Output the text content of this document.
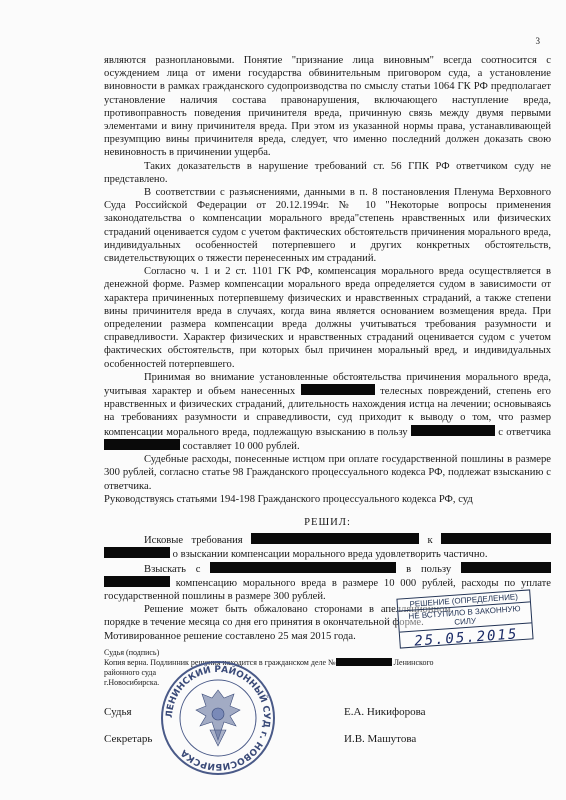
3

являются разноплановыми. Понятие "признание лица виновным" всегда соотносится с осуждением лица от имени государства обвинительным приговором суда, а установление виновности в рамках гражданского судопроизводства по смыслу статьи 1064 ГК РФ предполагает установление наличия состава правонарушения, включающего наступление вреда, противоправность поведения причинителя вреда, причинную связь между двумя первыми элементами и вину причинителя вреда. При этом из указанной нормы права, устанавливающей презумпцию вины причинителя вреда, следует, что именно последний должен доказать свою невиновность в причинении ущерба.

Таких доказательств в нарушение требований ст. 56 ГПК РФ ответчиком суду не представлено.

В соответствии с разъяснениями, данными в п. 8 постановления Пленума Верховного Суда Российской Федерации от 20.12.1994г. № 10 "Некоторые вопросы применения законодательства о компенсации морального вреда"степень нравственных или физических страданий оценивается судом с учетом фактических обстоятельств причинения морального вреда, индивидуальных особенностей потерпевшего и других конкретных обстоятельств, свидетельствующих о тяжести перенесенных им страданий.

Согласно ч. 1 и 2 ст. 1101 ГК РФ, компенсация морального вреда осуществляется в денежной форме. Размер компенсации морального вреда определяется судом в зависимости от характера причиненных потерпевшему физических и нравственных страданий, а также степени вины причинителя вреда в случаях, когда вина является основанием возмещения вреда. При определении размера компенсации вреда должны учитываться требования разумности и справедливости. Характер физических и нравственных страданий оценивается судом с учетом фактических обстоятельств, при которых был причинен моральный вред, и индивидуальных особенностей потерпевшего.

Принимая во внимание установленные обстоятельства причинения морального вреда, учитывая характер и объем нанесенных	телесных повреждений, степень его нравственных и физических страданий, длительность нахождения истца на лечении; основываясь на требованиях разумности и справедливости, суд приходит к выводу о том, что размер компенсации морального вреда, подлежащую взысканию в пользу	с ответчика  составляет 10 000 рублей.

Судебные расходы, понесенные истцом при оплате государственной пошлины в размере 300 рублей, согласно статье 98 Гражданского процессуального кодекса РФ, подлежат взысканию с ответчика.

Руководствуясь статьями 194-198 Гражданского процессуального кодекса РФ, суд

РЕШИЛ:

Исковые требования	к   о взыскании компенсации морального вреда удовлетворить частично.

Взыскать с	в пользу   компенсацию морального вреда в размере 10 000 рублей, расходы по уплате государственной пошлины в размере 300 рублей.

Решение может быть обжаловано сторонами в апелляционном порядке в течение месяца со дня его принятия в окончательной форме.

Мотивированное решение составлено 25 мая 2015 года.

РЕШЕНИЕ (ОПРЕДЕЛЕНИЕ)
НЕ ВСТУПИЛО В ЗАКОННУЮ СИЛУ
25.05.2015
Судья (подпись)
Копия верна. Подлинник решения находится в гражданском деле №	Ленинского районного суда
г.Новосибирска.
ЛЕНИНСКИЙ РАЙОННЫЙ СУД г. НОВОСИБИРСКА
Судья	Е.А. Никифорова
Секретарь	И.В. Машутова
